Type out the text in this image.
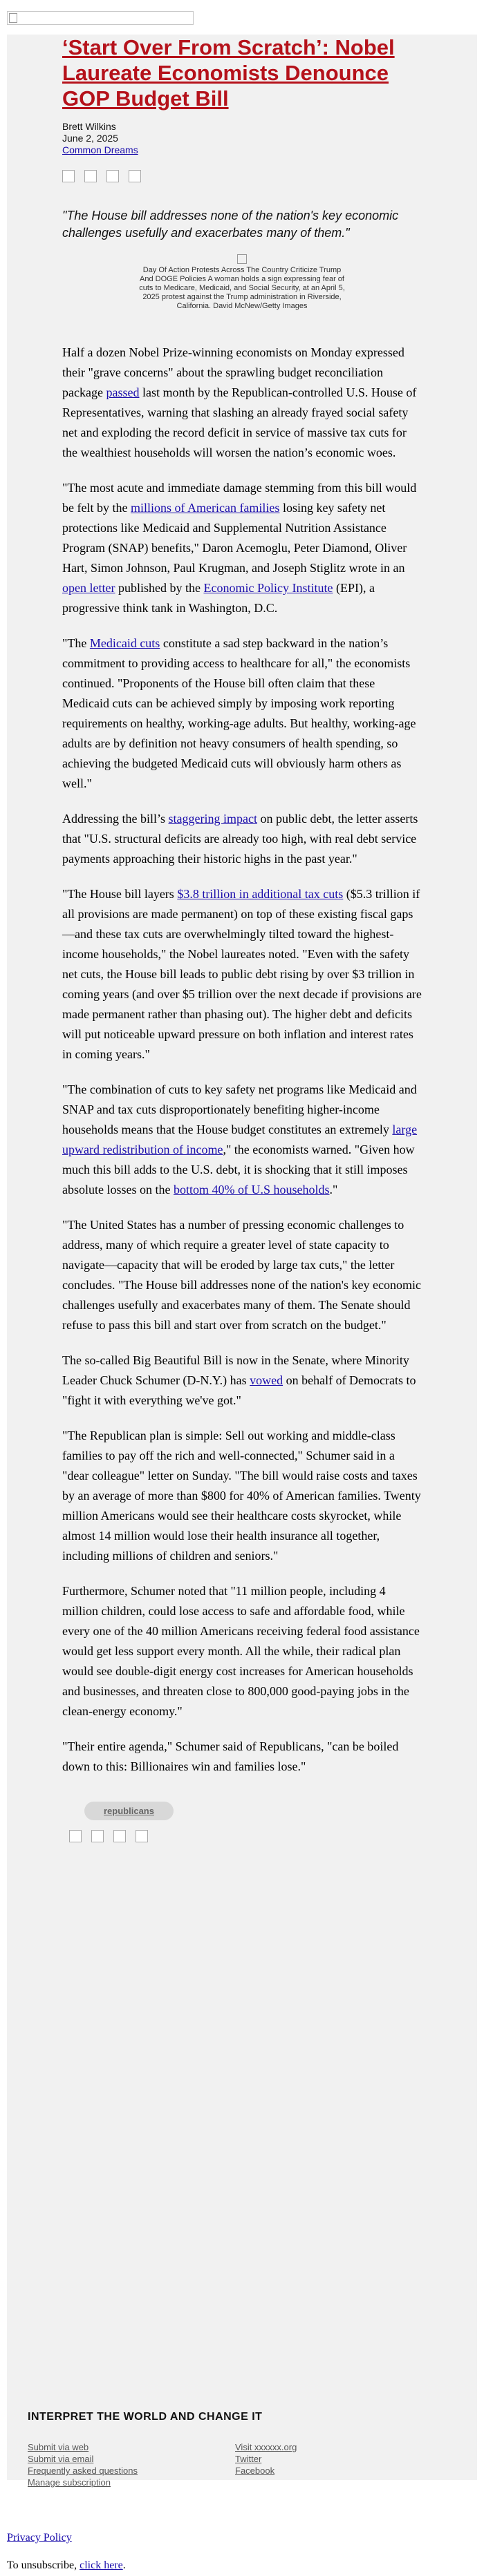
‘Start Over From Scratch’: Nobel Laureate Economists Denounce GOP Budget Bill
Brett Wilkins
June 2, 2025
Common Dreams
"The House bill addresses none of the nation's key economic challenges usefully and exacerbates many of them."
Day Of Action Protests Across The Country Criticize Trump And DOGE Policies A woman holds a sign expressing fear of cuts to Medicare, Medicaid, and Social Security, at an April 5, 2025 protest against the Trump administration in Riverside, California. David McNew/Getty Images

Half a dozen Nobel Prize-winning economists on Monday expressed their "grave concerns" about the sprawling budget reconciliation package passed last month by the Republican-controlled U.S. House of Representatives, warning that slashing an already frayed social safety net and exploding the record deficit in service of massive tax cuts for the wealthiest households will worsen the nation’s economic woes.

"The most acute and immediate damage stemming from this bill would be felt by the millions of American families losing key safety net protections like Medicaid and Supplemental Nutrition Assistance Program (SNAP) benefits," Daron Acemoglu, Peter Diamond, Oliver Hart, Simon Johnson, Paul Krugman, and Joseph Stiglitz wrote in an open letter published by the Economic Policy Institute (EPI), a progressive think tank in Washington, D.C.

"The Medicaid cuts constitute a sad step backward in the nation’s commitment to providing access to healthcare for all," the economists continued. "Proponents of the House bill often claim that these Medicaid cuts can be achieved simply by imposing work reporting requirements on healthy, working-age adults. But healthy, working-age adults are by definition not heavy consumers of health spending, so achieving the budgeted Medicaid cuts will obviously harm others as well."

Addressing the bill’s staggering impact on public debt, the letter asserts that "U.S. structural deficits are already too high, with real debt service payments approaching their historic highs in the past year."

"The House bill layers $3.8 trillion in additional tax cuts ($5.3 trillion if all provisions are made permanent) on top of these existing fiscal gaps—and these tax cuts are overwhelmingly tilted toward the highest-income households," the Nobel laureates noted. "Even with the safety net cuts, the House bill leads to public debt rising by over $3 trillion in coming years (and over $5 trillion over the next decade if provisions are made permanent rather than phasing out). The higher debt and deficits will put noticeable upward pressure on both inflation and interest rates in coming years."

"The combination of cuts to key safety net programs like Medicaid and SNAP and tax cuts disproportionately benefiting higher-income households means that the House budget constitutes an extremely large upward redistribution of income," the economists warned. "Given how much this bill adds to the U.S. debt, it is shocking that it still imposes absolute losses on the bottom 40% of U.S households."

"The United States has a number of pressing economic challenges to address, many of which require a greater level of state capacity to navigate—capacity that will be eroded by large tax cuts," the letter concludes. "The House bill addresses none of the nation's key economic challenges usefully and exacerbates many of them. The Senate should refuse to pass this bill and start over from scratch on the budget."

The so-called Big Beautiful Bill is now in the Senate, where Minority Leader Chuck Schumer (D-N.Y.) has vowed on behalf of Democrats to "fight it with everything we've got."

"The Republican plan is simple: Sell out working and middle-class families to pay off the rich and well-connected," Schumer said in a "dear colleague" letter on Sunday. "The bill would raise costs and taxes by an average of more than $800 for 40% of American families. Twenty million Americans would see their healthcare costs skyrocket, while almost 14 million would lose their health insurance all together, including millions of children and seniors."

Furthermore, Schumer noted that "11 million people, including 4 million children, could lose access to safe and affordable food, while every one of the 40 million Americans receiving federal food assistance would get less support every month. All the while, their radical plan would see double-digit energy cost increases for American households and businesses, and threaten close to 800,000 good-paying jobs in the clean-energy economy."

"Their entire agenda," Schumer said of Republicans, "can be boiled down to this: Billionaires win and families lose."

republicans
INTERPRET THE WORLD AND CHANGE IT
Submit via web
Submit via email
Frequently asked questions
Manage subscription
Visit xxxxxx.org
Twitter
Facebook
Privacy Policy
To unsubscribe, click here.
